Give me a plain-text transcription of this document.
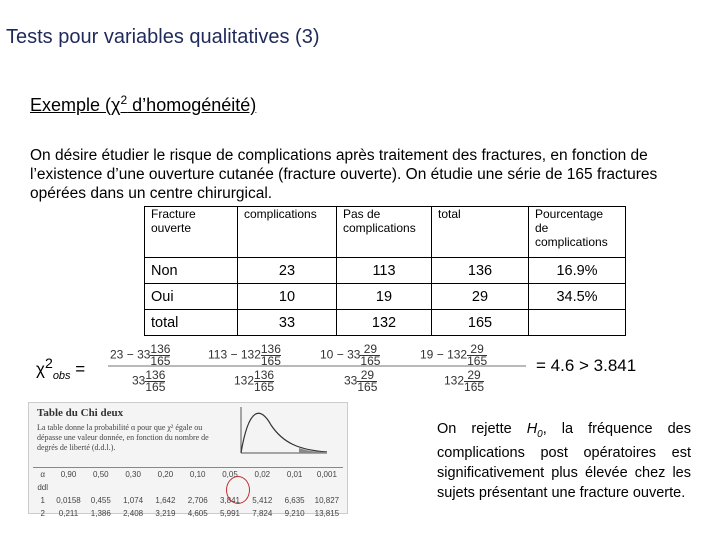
Tests pour variables qualitatives (3)
Exemple ($\chi^2$ d’homogénéité)
On désire étudier le risque de complications après traitement des fractures, en fonction de l’existence d’une ouverture cutanée (fracture ouverte). On étudie une série de 165 fractures opérées dans un centre chirurgical.
Fracture ouverte	complications	Pas de complications	total	Pourcentage de complications
Non	23	113	136	16.9%
Oui	10	19	29	34.5%
total	33	132	165	
$\chi^2_{obs}$ =
$23 - 33 \frac{136}{165}$	$113 - 132 \frac{136}{165}$	$10 - 33 \frac{29}{165}$	$19 - 132 \frac{29}{165}$
$33 \frac{136}{165}$	$132 \frac{136}{165}$	$33 \frac{29}{165}$	$132 \frac{29}{165}$
= 4.6 > 3.841
Table du Chi deux
La table donne la probabilité α pour que χ² égale ou dépasse une valeur donnée, en fonction du nombre de degrés de liberté (d.d.l.).
α	0,90	0,50	0,30	0,20	0,10	0,05	0,02	0,01	0,001
ddl
1	0,0158	0,455	1,074	1,642	2,706	3,841	5,412	6,635	10,827
2	0,211	1,386	2,408	3,219	4,605	5,991	7,824	9,210	13,815
On rejette $H_0$, la fréquence des complications post opératoires est significativement plus élevée chez les sujets présentant une fracture ouverte.
